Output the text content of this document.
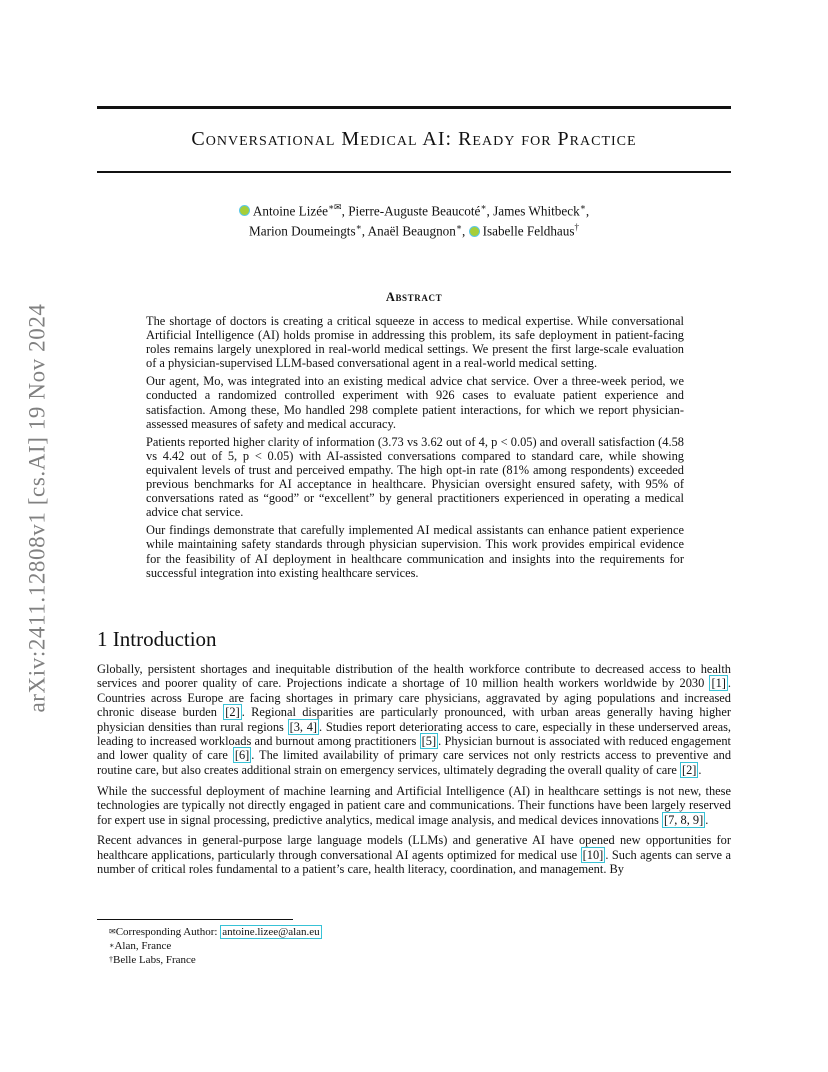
arXiv:2411.12808v1 [cs.AI] 19 Nov 2024
Conversational Medical AI: Ready for Practice
Antoine Lizée∗✉, Pierre-Auguste Beaucoté∗, James Whitbeck∗,
Marion Doumeingts∗, Anaël Beaugnon∗, Isabelle Feldhaus†
Abstract

The shortage of doctors is creating a critical squeeze in access to medical expertise. While conversational Artificial Intelligence (AI) holds promise in addressing this problem, its safe deployment in patient-facing roles remains largely unexplored in real-world medical settings. We present the first large-scale evaluation of a physician-supervised LLM-based conversational agent in a real-world medical setting.

Our agent, Mo, was integrated into an existing medical advice chat service. Over a three-week period, we conducted a randomized controlled experiment with 926 cases to evaluate patient experience and satisfaction. Among these, Mo handled 298 complete patient interactions, for which we report physician-assessed measures of safety and medical accuracy.

Patients reported higher clarity of information (3.73 vs 3.62 out of 4, p < 0.05) and overall satisfaction (4.58 vs 4.42 out of 5, p < 0.05) with AI-assisted conversations compared to standard care, while showing equivalent levels of trust and perceived empathy. The high opt-in rate (81% among respondents) exceeded previous benchmarks for AI acceptance in healthcare. Physician oversight ensured safety, with 95% of conversations rated as “good” or “excellent” by general practitioners experienced in operating a medical advice chat service.

Our findings demonstrate that carefully implemented AI medical assistants can enhance patient experience while maintaining safety standards through physician supervision. This work provides empirical evidence for the feasibility of AI deployment in healthcare communication and insights into the requirements for successful integration into existing healthcare services.

1 Introduction

Globally, persistent shortages and inequitable distribution of the health workforce contribute to decreased access to health services and poorer quality of care. Projections indicate a shortage of 10 million health workers worldwide by 2030 [1] . Countries across Europe are facing shortages in primary care physicians, aggravated by aging populations and increased chronic disease burden [2] . Regional disparities are particularly pronounced, with urban areas generally having higher physician densities than rural regions [3, 4] . Studies report deteriorating access to care, especially in these underserved areas, leading to increased workloads and burnout among practitioners [5] . Physician burnout is associated with reduced engagement and lower quality of care [6] . The limited availability of primary care services not only restricts access to preventive and routine care, but also creates additional strain on emergency services, ultimately degrading the overall quality of care [2] .

While the successful deployment of machine learning and Artificial Intelligence (AI) in healthcare settings is not new, these technologies are typically not directly engaged in patient care and communications. Their functions have been largely reserved for expert use in signal processing, predictive analytics, medical image analysis, and medical devices innovations [7, 8, 9] .

Recent advances in general-purpose large language models (LLMs) and generative AI have opened new opportunities for healthcare applications, particularly through conversational AI agents optimized for medical use [10] . Such agents can serve a number of critical roles fundamental to a patient’s care, health literacy, coordination, and management. By

✉Corresponding Author: antoine.lizee@alan.eu
∗Alan, France
†Belle Labs, France
